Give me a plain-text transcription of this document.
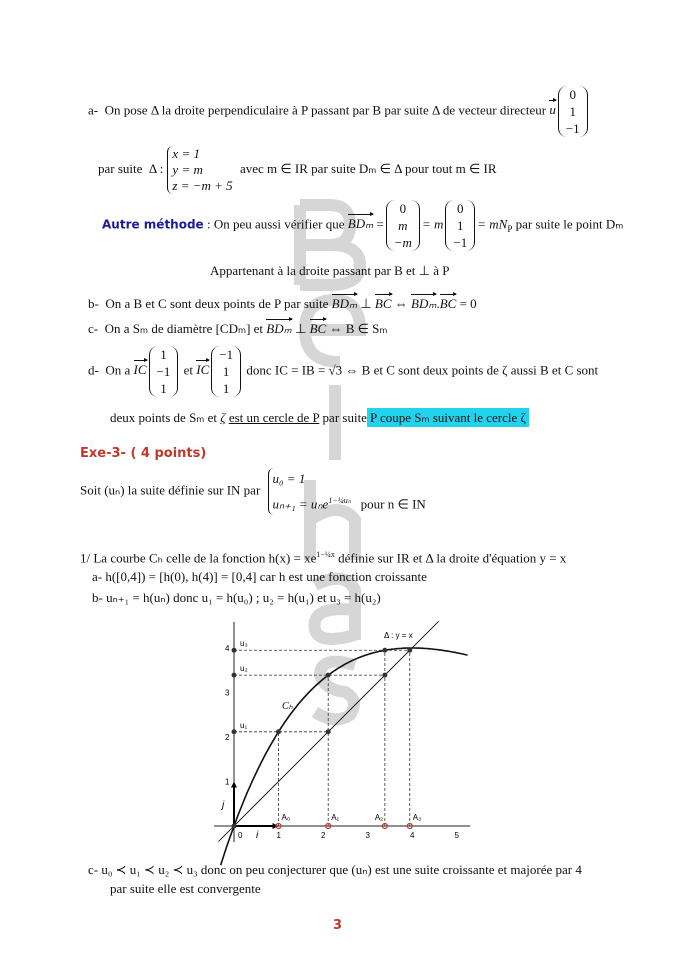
a- On pose Δ la droite perpendiculaire à P passant par B par suite Δ de vecteur directeur u
0
1
−1
par suite Δ :
x = 1
y = m
z = −m + 5
avec m ∈ IR par suite Dₘ ∈ Δ pour tout m ∈ IR
Autre méthode : On peu aussi vérifier que BDₘ =
0
m
−m
= m
0
1
−1
= $mN_P$ par suite le point Dₘ
Appartenant à la droite passant par B et ⊥ à P
b- On a B et C sont deux points de P par suite BDₘ ⊥ BC ⇔ BDₘ.BC = 0
c- On a Sₘ de diamètre [CDₘ] et BDₘ ⊥ BC ⇔ B ∈ Sₘ
d- On a IC
1
−1
1
et IC
−1
1
1
donc IC = IB = √3 ⇔ B et C sont deux points de ζ aussi B et C sont
deux points de Sₘ et ζ est un cercle de P par suite P coupe Sₘ suivant le cercle ζ
Exe-3- ( 4 points)
Soit (uₙ) la suite définie sur IN par
u₀ = 1
uₙ₊₁ = uₙe$^{1-\frac{1}{4}u_n}$ pour n ∈ IN
1/ La courbe Cₕ celle de la fonction $h(x) = xe^{1-\frac{1}{4}x}$ définie sur IR et Δ la droite d'équation y = x
a- h([0,4]) = [h(0), h(4)] = [0,4] car h est une fonction croissante
b- uₙ₊₁ = h(uₙ) donc u₁ = h(u₀) ; u₂ = h(u₁) et u₃ = h(u₂)
i
j
0	1	2	3	4	5
1
2
3
4
u₁
u₂
u₃
A₀	A₁	A₂	A₃
Cₕ
Δ : y = x
c- u₀ ≺ u₁ ≺ u₂ ≺ u₃ donc on peu conjecturer que (uₙ) est une suite croissante et majorée par 4
par suite elle est convergente
3
